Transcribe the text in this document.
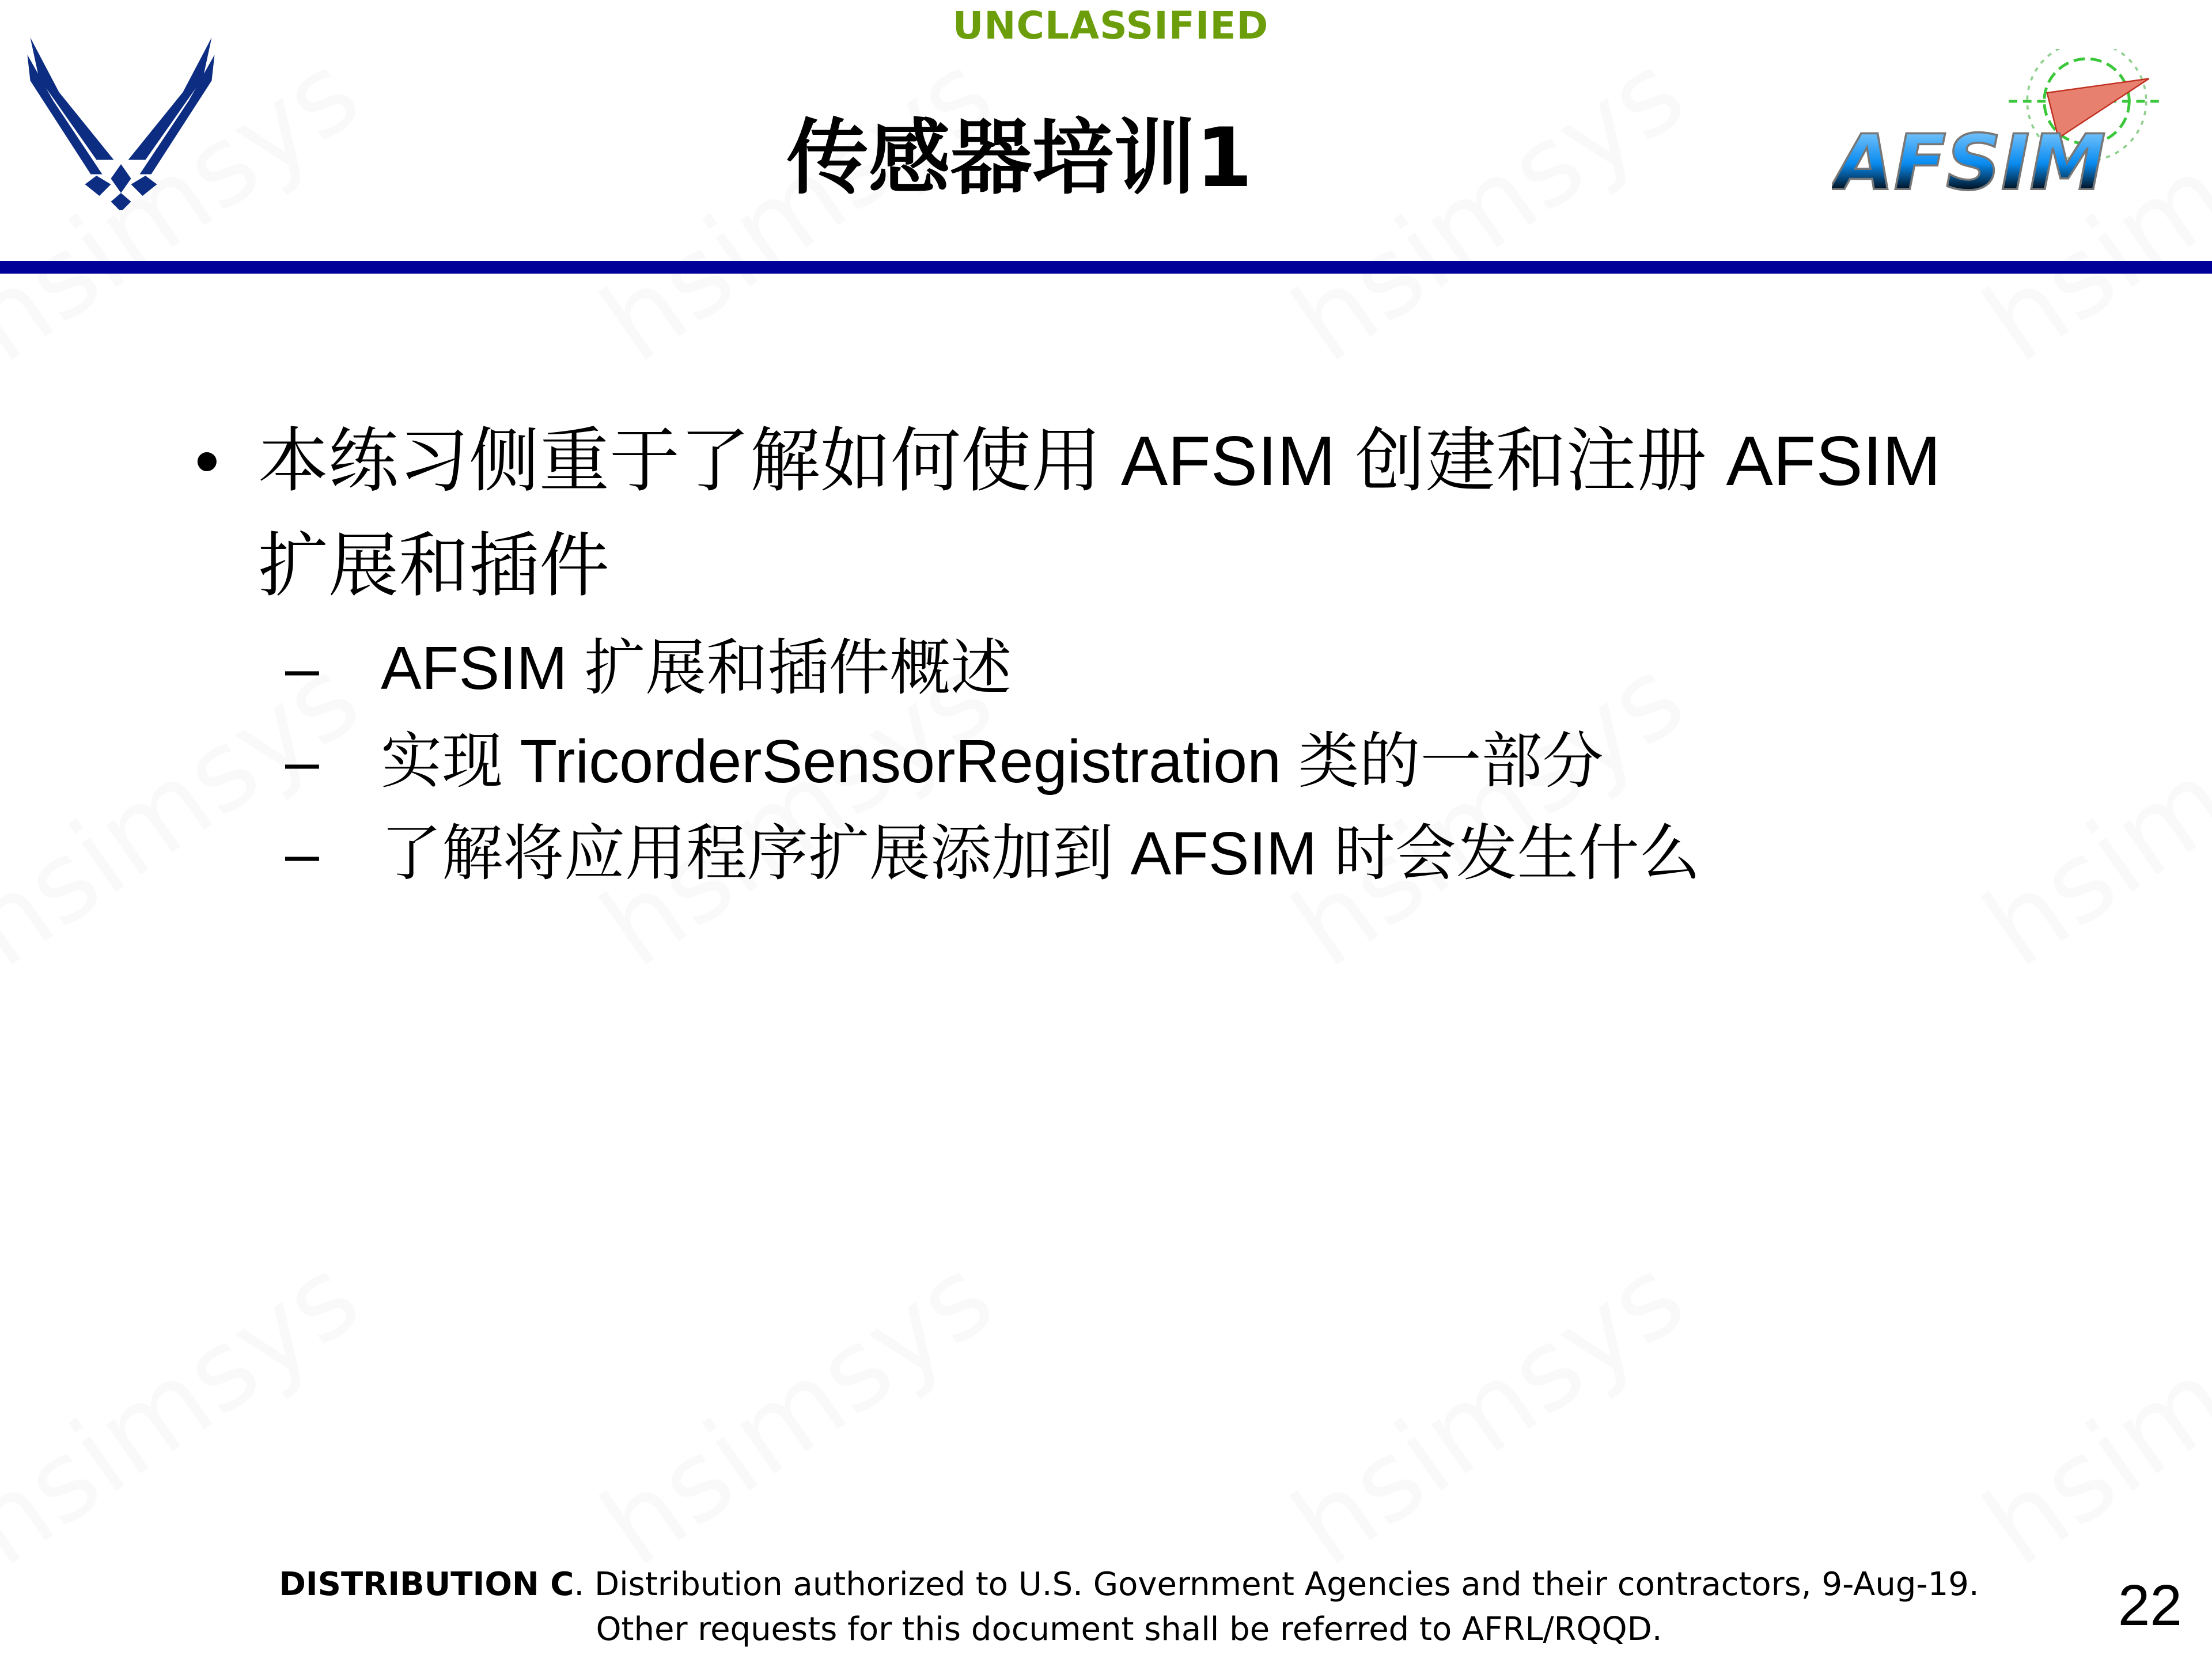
UNCLASSIFIED
传感器培训1	AFSIM
• 本练习侧重于了解如何使用 AFSIM 创建和注册 AFSIM
扩展和插件
– AFSIM 扩展和插件概述
– 实现 TricorderSensorRegistration 类的一部分
– 了解将应用程序扩展添加到 AFSIM 时会发生什么
DISTRIBUTION C. Distribution authorized to U.S. Government Agencies and their contractors, 9-Aug-19.
Other requests for this document shall be referred to AFRL/RQQD.	22
